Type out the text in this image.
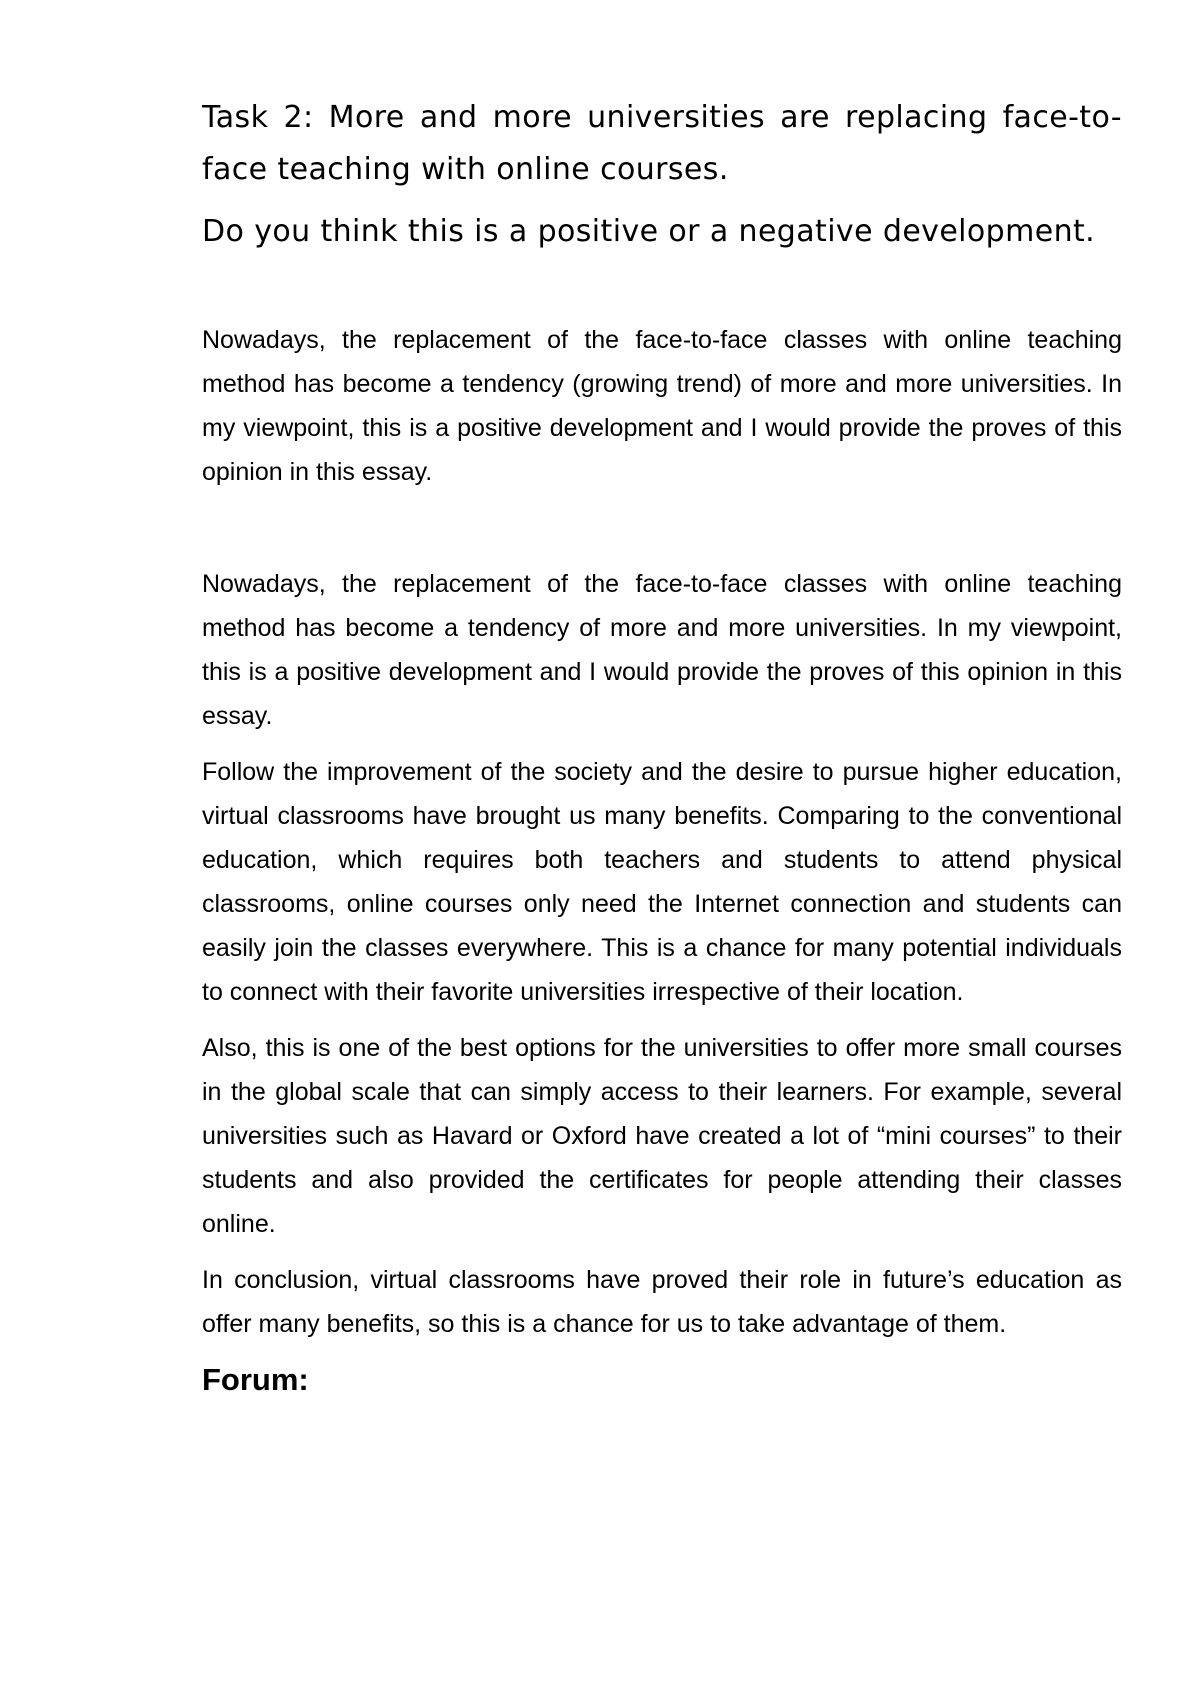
Task 2: More and more universities are replacing face-to-face teaching with online courses.

Do you think this is a positive or a negative development.

Nowadays, the replacement of the face-to-face classes with online teaching method has become a tendency (growing trend) of more and more universities. In my viewpoint, this is a positive development and I would provide the proves of this opinion in this essay.

Nowadays, the replacement of the face-to-face classes with online teaching method has become a tendency of more and more universities. In my viewpoint, this is a positive development and I would provide the proves of this opinion in this essay.

Follow the improvement of the society and the desire to pursue higher education, virtual classrooms have brought us many benefits. Comparing to the conventional education, which requires both teachers and students to attend physical classrooms, online courses only need the Internet connection and students can easily join the classes everywhere. This is a chance for many potential individuals to connect with their favorite universities irrespective of their location.

Also, this is one of the best options for the universities to offer more small courses in the global scale that can simply access to their learners. For example, several universities such as Havard or Oxford have created a lot of “mini courses” to their students and also provided the certificates for people attending their classes online.

In conclusion, virtual classrooms have proved their role in future’s education as offer many benefits, so this is a chance for us to take advantage of them.

Forum:
